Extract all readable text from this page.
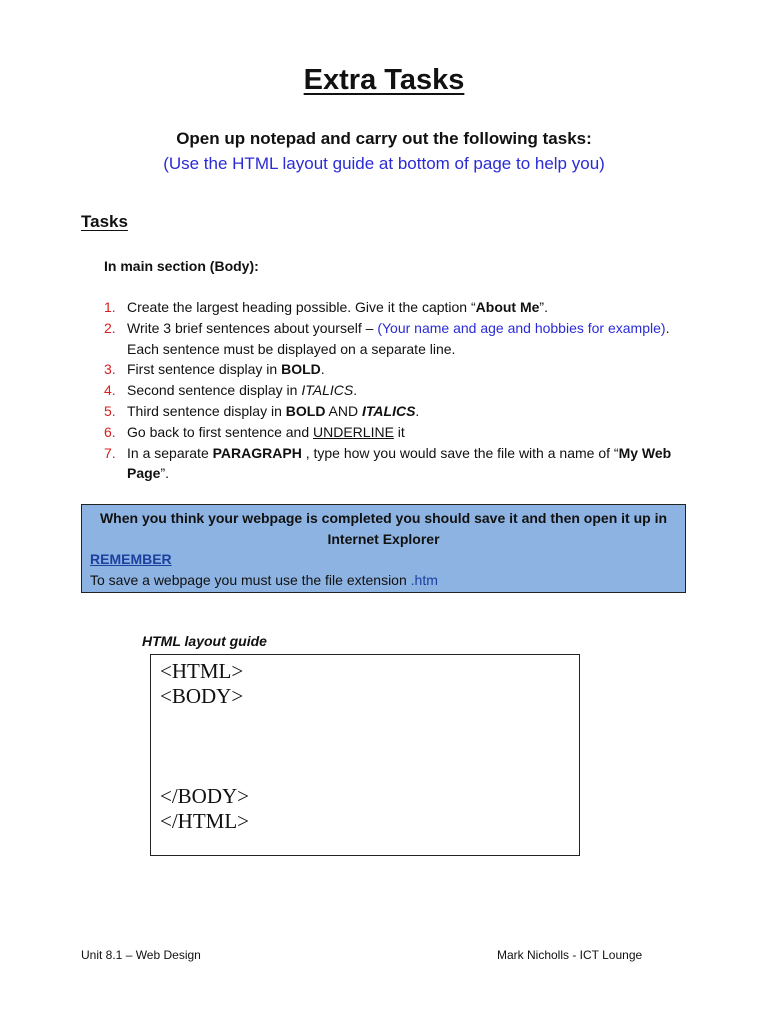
Extra Tasks
Open up notepad and carry out the following tasks:
(Use the HTML layout guide at bottom of page to help you)
Tasks
In main section (Body):
1. Create the largest heading possible. Give it the caption “About Me”.
2. Write 3 brief sentences about yourself – (Your name and age and hobbies for example). Each sentence must be displayed on a separate line.
3. First sentence display in BOLD.
4. Second sentence display in ITALICS.
5. Third sentence display in BOLD AND ITALICS.
6. Go back to first sentence and UNDERLINE it
7. In a separate PARAGRAPH , type how you would save the file with a name of “My Web Page”.
When you think your webpage is completed you should save it and then open it up in Internet Explorer
REMEMBER
To save a webpage you must use the file extension .htm
HTML layout guide
<HTML>
<BODY>
</BODY>
</HTML>
Unit 8.1 – Web Design	Mark Nicholls - ICT Lounge
